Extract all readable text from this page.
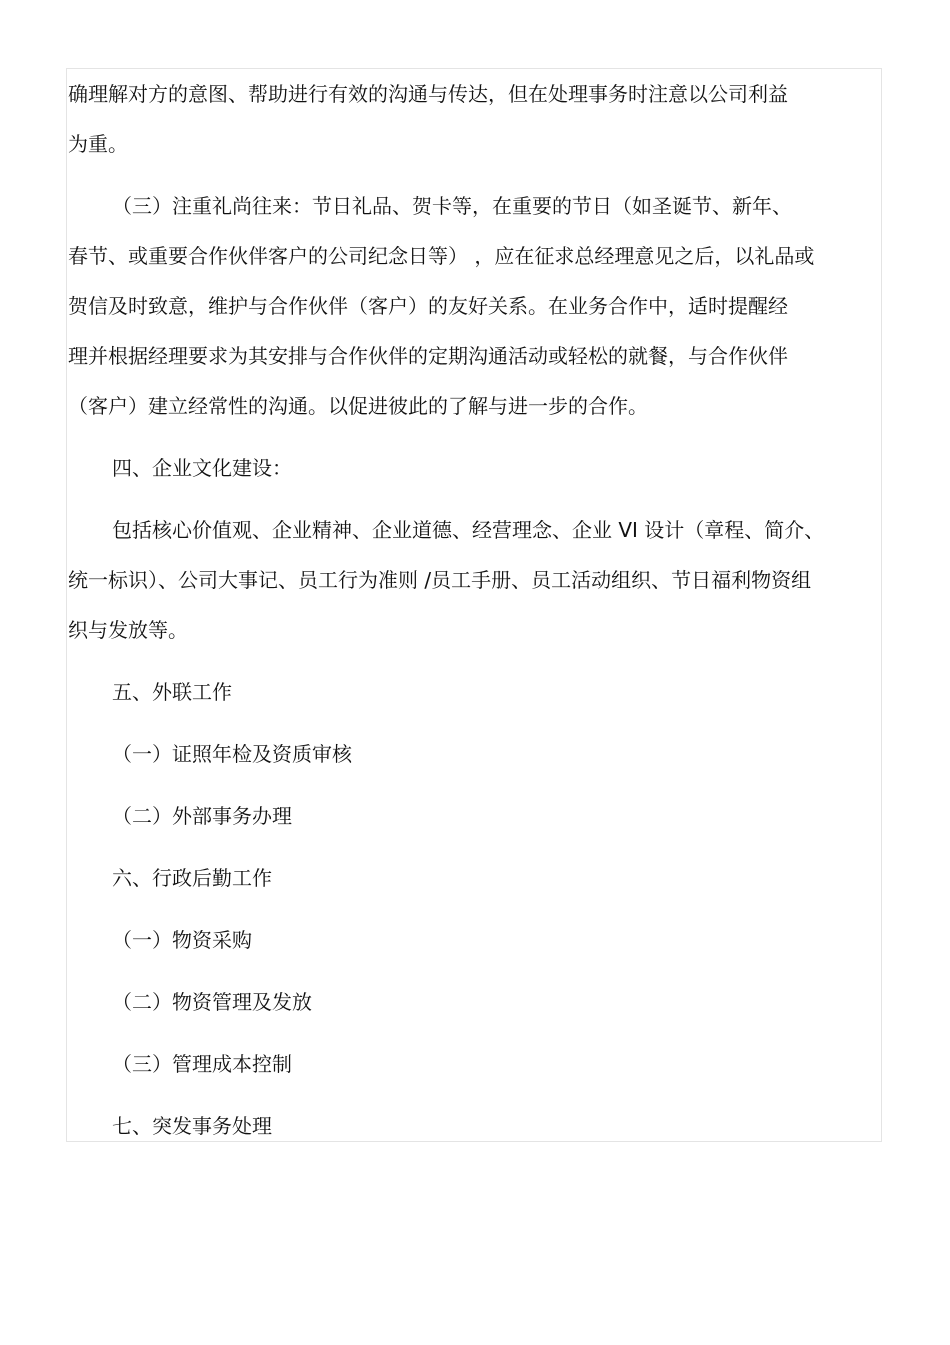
确理解对方的意图、帮助进行有效的沟通与传达，但在处理事务时注意以公司利益
为重。
（三）注重礼尚往来：节日礼品、贺卡等，在重要的节日（如圣诞节、新年、
春节、或重要合作伙伴客户的公司纪念日等） ，应在征求总经理意见之后，以礼品或
贺信及时致意，维护与合作伙伴（客户）的友好关系。在业务合作中，适时提醒经
理并根据经理要求为其安排与合作伙伴的定期沟通活动或轻松的就餐，与合作伙伴
（客户）建立经常性的沟通。以促进彼此的了解与进一步的合作。
四、企业文化建设：
包括核心价值观、企业精神、企业道德、经营理念、企业 VI 设计（章程、简介、
统一标识）、公司大事记、员工行为准则 /员工手册、员工活动组织、节日福利物资组
织与发放等。
五、外联工作
（一）证照年检及资质审核
（二）外部事务办理
六、行政后勤工作
（一）物资采购
（二）物资管理及发放
（三）管理成本控制
七、突发事务处理
